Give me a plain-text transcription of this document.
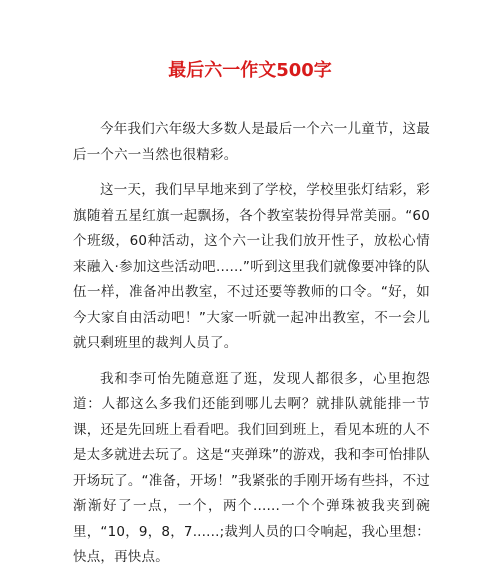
最后六一作文500字

今年我们六年级大多数人是最后一个六一儿童节，这最后一个六一当然也很精彩。

这一天，我们早早地来到了学校，学校里张灯结彩，彩旗随着五星红旗一起飘扬，各个教室装扮得异常美丽。“60个班级，60种活动，这个六一让我们放开性子，放松心情来融入·参加这些活动吧......”听到这里我们就像要冲锋的队伍一样，准备冲出教室，不过还要等教师的口令。“好，如今大家自由活动吧！”大家一听就一起冲出教室，不一会儿就只剩班里的裁判人员了。

我和李可怡先随意逛了逛，发现人都很多，心里抱怨道：人都这么多我们还能到哪儿去啊？就排队就能排一节课，还是先回班上看看吧。我们回到班上，看见本班的人不是太多就进去玩了。这是“夹弹珠”的游戏，我和李可怡排队开场玩了。“准备，开场！”我紧张的手刚开场有些抖，不过渐渐好了一点，一个，两个......一个个弹珠被我夹到碗里，“10，9，8，7......;裁判人员的口令响起，我心里想：快点，再快点。
